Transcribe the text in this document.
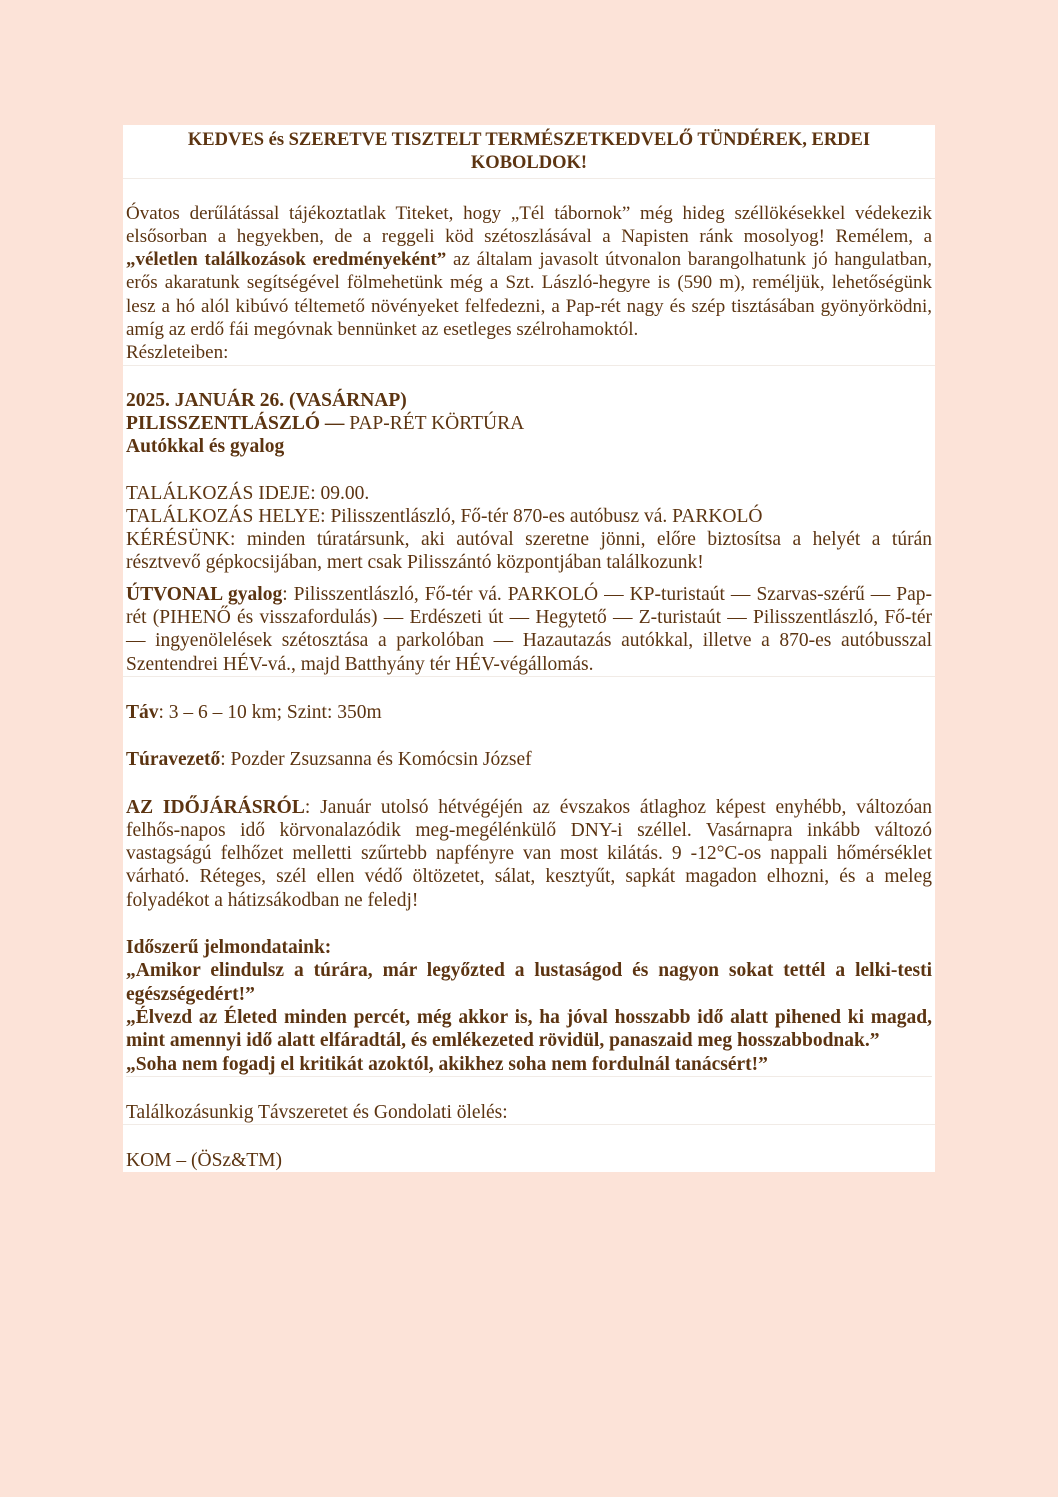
KEDVES és SZERETVE TISZTELT TERMÉSZETKEDVELŐ TÜNDÉREK, ERDEI
KOBOLDOK!
Óvatos derűlátással tájékoztatlak Titeket, hogy „Tél tábornok” még hideg széllökésekkel védekezik elsősorban a hegyekben, de a reggeli köd szétoszlásával a Napisten ránk mosolyog! Remélem, a „véletlen találkozások eredményeként” az általam javasolt útvonalon barangolhatunk jó hangulatban, erős akaratunk segítségével fölmehetünk még a Szt. László-hegyre is (590 m), reméljük, lehetőségünk lesz a hó alól kibúvó téltemető növényeket felfedezni, a Pap-rét nagy és szép tisztásában gyönyörködni, amíg az erdő fái megóvnak bennünket az esetleges szélrohamoktól.
Részleteiben:
2025. JANUÁR 26. (VASÁRNAP)
PILISSZENTLÁSZLÓ — PAP-RÉT KÖRTÚRA
Autókkal és gyalog
TALÁLKOZÁS IDEJE: 09.00.
TALÁLKOZÁS HELYE: Pilisszentlászló, Fő-tér 870-es autóbusz vá. PARKOLÓ
KÉRÉSÜNK: minden túratársunk, aki autóval szeretne jönni, előre biztosítsa a helyét a túrán résztvevő gépkocsijában, mert csak Pilisszántó központjában találkozunk!
ÚTVONAL gyalog: Pilisszentlászló, Fő-tér vá. PARKOLÓ — KP-turistaút — Szarvas-szérű — Pap-rét (PIHENŐ és visszafordulás) — Erdészeti út — Hegytető — Z-turistaút — Pilisszentlászló, Fő-tér — ingyenölelések szétosztása a parkolóban — Hazautazás autókkal, illetve a 870-es autóbusszal Szentendrei HÉV-vá., majd Batthyány tér HÉV-végállomás.
Táv: 3 – 6 – 10 km; Szint: 350m
Túravezető: Pozder Zsuzsanna és Komócsin József
AZ IDŐJÁRÁSRÓL: Január utolsó hétvégéjén az évszakos átlaghoz képest enyhébb, változóan felhős-napos idő körvonalazódik meg-megélénkülő DNY-i széllel. Vasárnapra inkább változó vastagságú felhőzet melletti szűrtebb napfényre van most kilátás. 9 -12°C-os nappali hőmérséklet várható. Réteges, szél ellen védő öltözetet, sálat, kesztyűt, sapkát magadon elhozni, és a meleg folyadékot a hátizsákodban ne feledj!
Időszerű jelmondataink:
„Amikor elindulsz a túrára, már legyőzted a lustaságod és nagyon sokat tettél a lelki-testi egészségedért!”
„Élvezd az Életed minden percét, még akkor is, ha jóval hosszabb idő alatt pihened ki magad, mint amennyi idő alatt elfáradtál, és emlékezeted rövidül, panaszaid meg hosszabbodnak.”
„Soha nem fogadj el kritikát azoktól, akikhez soha nem fordulnál tanácsért!”
Találkozásunkig Távszeretet és Gondolati ölelés:
KOM – (ÖSz&TM)
